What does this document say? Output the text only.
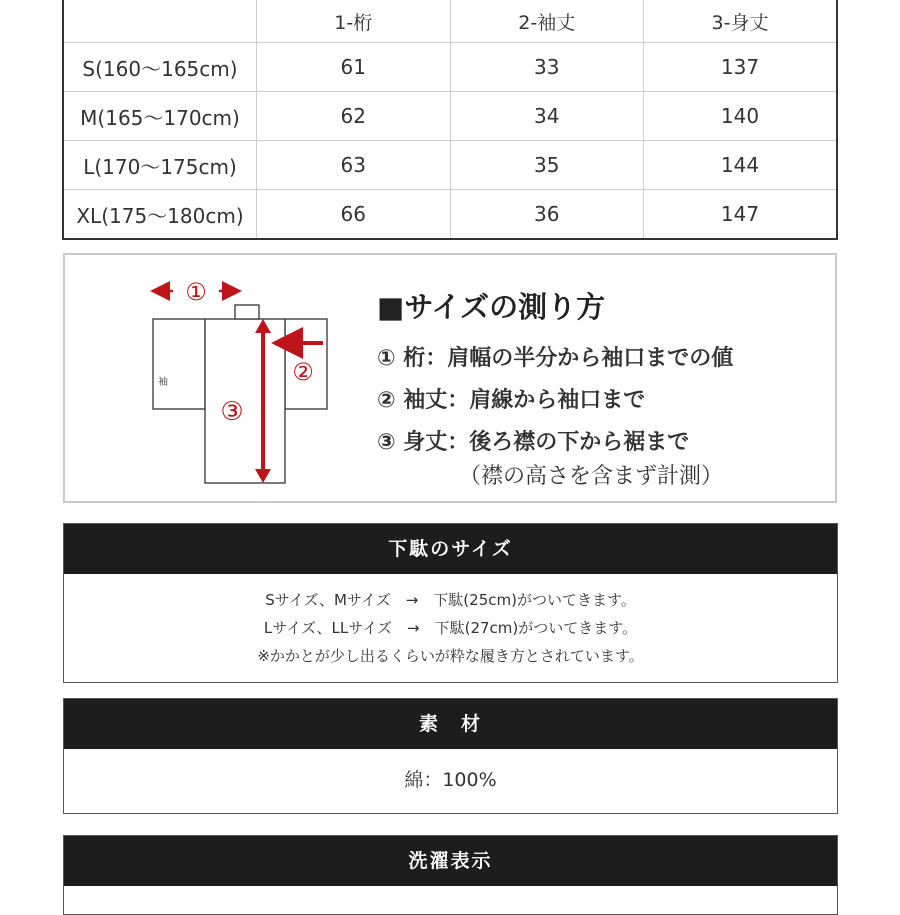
	1-桁	2-袖丈	3-身丈
S(160～165cm)	61	33	137
M(165～170cm)	62	34	140
L(170～175cm)	63	35	144
XL(175～180cm)	66	36	147
袖
①
②
③
■サイズの測り方
① 桁：肩幅の半分から袖口までの値
② 袖丈：肩線から袖口まで
③ 身丈：後ろ襟の下から裾まで
（襟の高さを含まず計測）
下駄のサイズ
Sサイズ、Mサイズ　→　下駄(25cm)がついてきます。
Lサイズ、LLサイズ　→　下駄(27cm)がついてきます。
※かかとが少し出るくらいが粋な履き方とされています。
素　材
綿：100%
洗濯表示
